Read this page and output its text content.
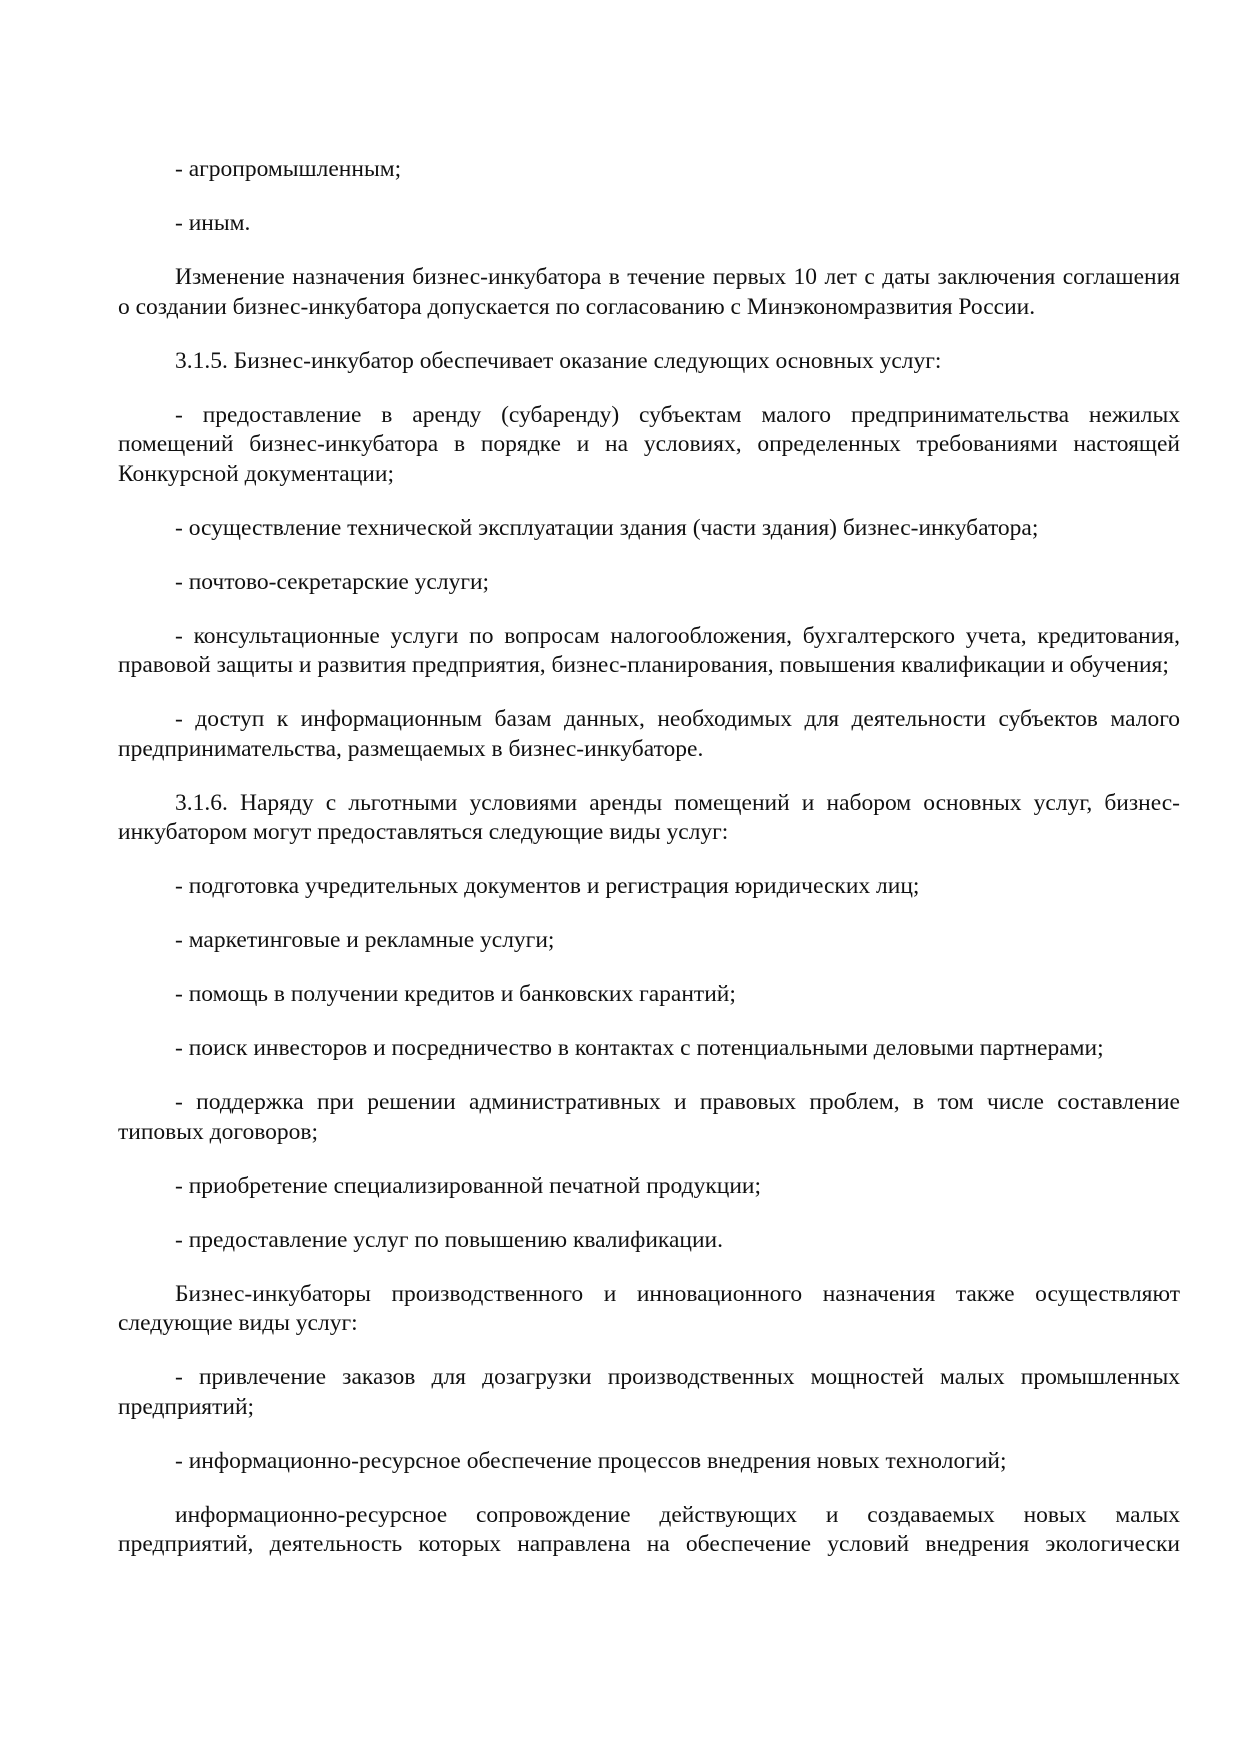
- агропромышленным;

- иным.

Изменение назначения бизнес-инкубатора в течение первых 10 лет с даты заключения соглашения о создании бизнес-инкубатора допускается по согласованию с Минэкономразвития России.

3.1.5. Бизнес-инкубатор обеспечивает оказание следующих основных услуг:

- предоставление в аренду (субаренду) субъектам малого предпринимательства нежилых помещений бизнес-инкубатора в порядке и на условиях, определенных требованиями настоящей Конкурсной документации;

- осуществление технической эксплуатации здания (части здания) бизнес-инкубатора;

- почтово-секретарские услуги;

- консультационные услуги по вопросам налогообложения, бухгалтерского учета, кредитования, правовой защиты и развития предприятия, бизнес-планирования, повышения квалификации и обучения;

- доступ к информационным базам данных, необходимых для деятельности субъектов малого предпринимательства, размещаемых в бизнес-инкубаторе.

3.1.6. Наряду с льготными условиями аренды помещений и набором основных услуг, бизнес-инкубатором могут предоставляться следующие виды услуг:

- подготовка учредительных документов и регистрация юридических лиц;

- маркетинговые и рекламные услуги;

- помощь в получении кредитов и банковских гарантий;

- поиск инвесторов и посредничество в контактах с потенциальными деловыми партнерами;

- поддержка при решении административных и правовых проблем, в том числе составление типовых договоров;

- приобретение специализированной печатной продукции;

- предоставление услуг по повышению квалификации.

Бизнес-инкубаторы производственного и инновационного назначения также осуществляют следующие виды услуг:

- привлечение заказов для дозагрузки производственных мощностей малых промышленных предприятий;

- информационно-ресурсное обеспечение процессов внедрения новых технологий;

информационно-ресурсное сопровождение действующих и создаваемых новых малых предприятий, деятельность которых направлена на обеспечение условий внедрения экологически
